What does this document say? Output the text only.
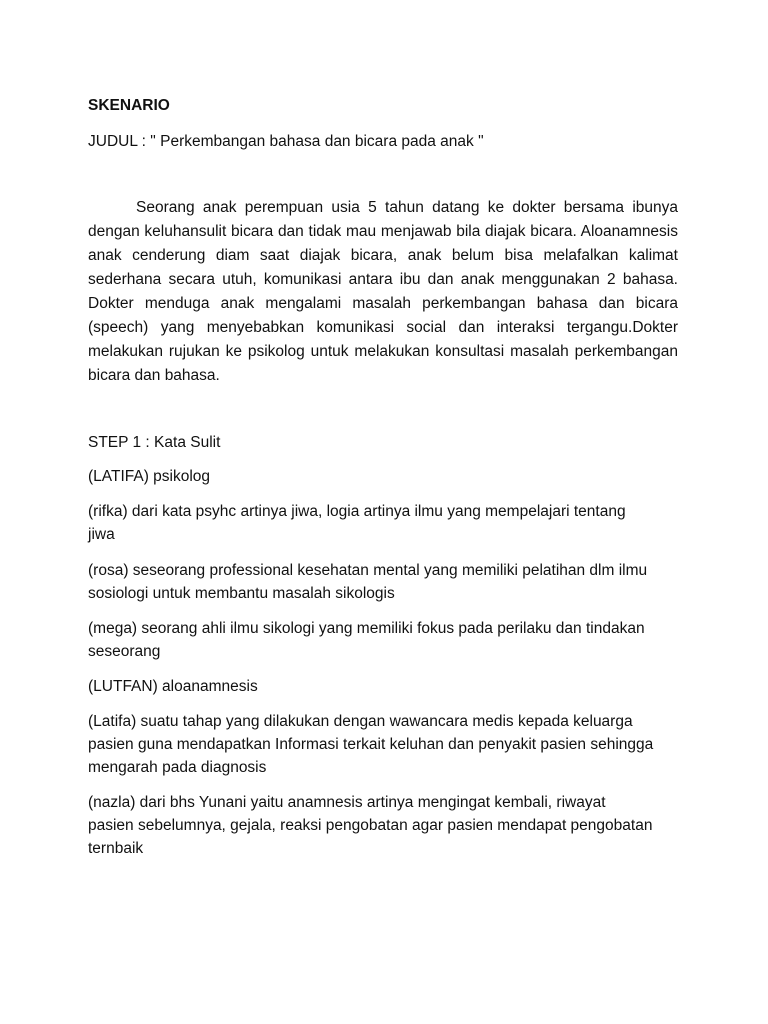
SKENARIO
JUDUL : " Perkembangan bahasa dan bicara pada anak "
Seorang anak perempuan usia 5 tahun datang ke dokter bersama ibunya dengan keluhansulit bicara dan tidak mau menjawab bila diajak bicara. Aloanamnesis anak cenderung diam saat diajak bicara, anak belum bisa melafalkan kalimat sederhana secara utuh, komunikasi antara ibu dan anak menggunakan 2 bahasa. Dokter menduga anak mengalami masalah perkembangan bahasa dan bicara (speech) yang menyebabkan komunikasi social dan interaksi tergangu.Dokter melakukan rujukan ke psikolog untuk melakukan konsultasi masalah perkembangan bicara dan bahasa.
STEP 1 : Kata Sulit
(LATIFA) psikolog
(rifka) dari kata psyhc artinya jiwa, logia artinya ilmu yang mempelajari tentang
jiwa
(rosa) seseorang professional kesehatan mental yang memiliki pelatihan dlm ilmu
sosiologi untuk membantu masalah sikologis
(mega) seorang ahli ilmu sikologi yang memiliki fokus pada perilaku dan tindakan
seseorang
(LUTFAN) aloanamnesis
(Latifa) suatu tahap yang dilakukan dengan wawancara medis kepada keluarga
pasien guna mendapatkan Informasi terkait keluhan dan penyakit pasien sehingga
mengarah pada diagnosis
(nazla) dari bhs Yunani yaitu anamnesis artinya mengingat kembali, riwayat
pasien sebelumnya, gejala, reaksi pengobatan agar pasien mendapat pengobatan
ternbaik
